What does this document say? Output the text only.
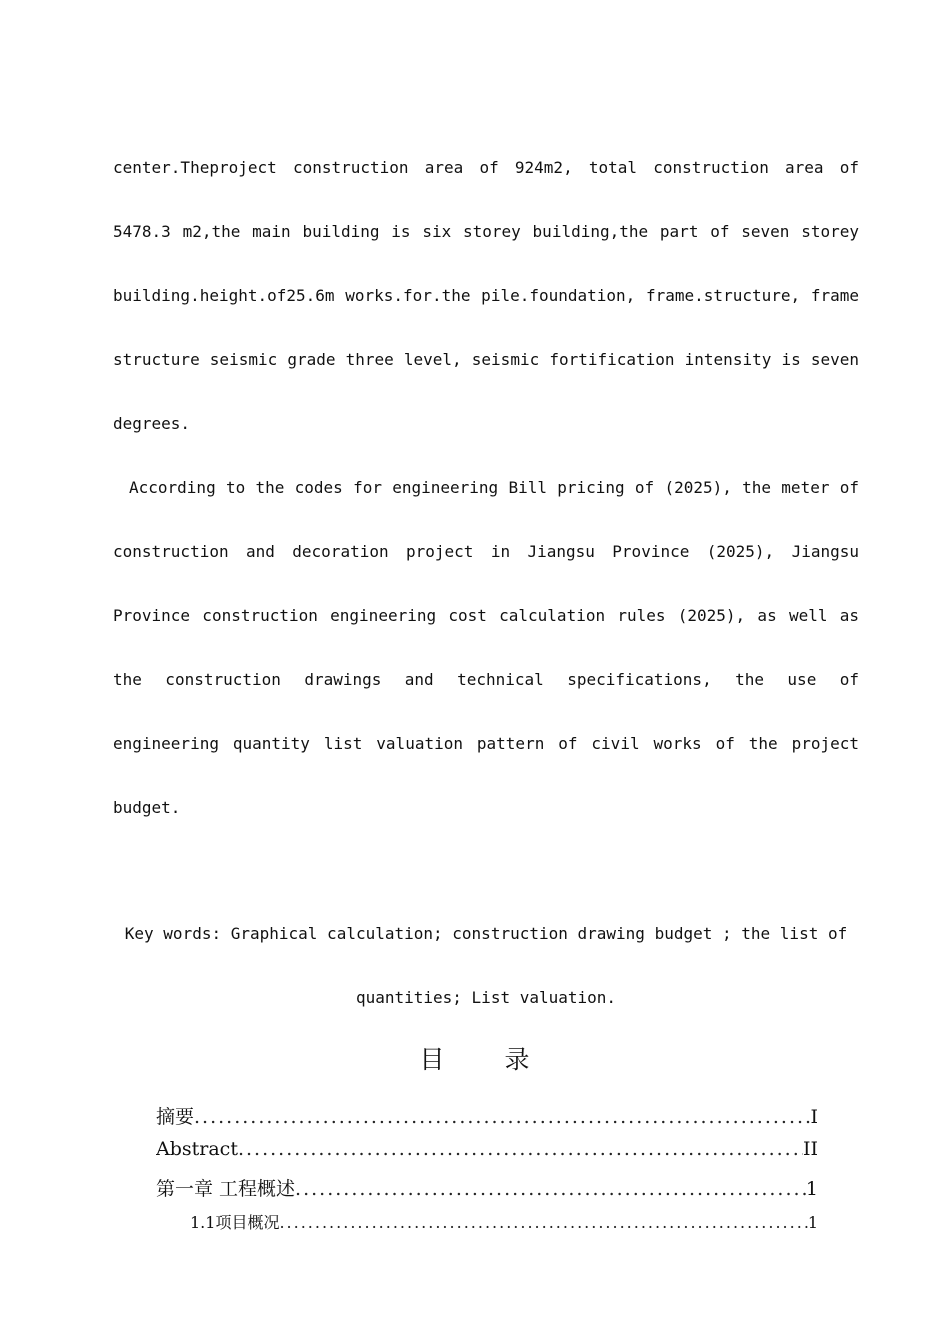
center.Theproject construction area of 924m2, total construction area of 5478.3 m2,the main building is six storey building,the part of seven storey building.height.of25.6m works.for.the pile.foundation, frame.structure, frame structure seismic grade three level, seismic fortification intensity is seven degrees.

According to the codes for engineering Bill pricing of (2025), the meter of construction and decoration project in Jiangsu Province (2025), Jiangsu Province construction engineering cost calculation rules (2025), as well as the construction drawings and technical specifications, the use of engineering quantity list valuation pattern of civil works of the project budget.

Key words: Graphical calculation; construction drawing budget ; the list of quantities; List valuation.

目 录
摘要 .....	I
Abstract .....	II
第一章 工程概述 .....	1
1.1项目概况 .....	1
